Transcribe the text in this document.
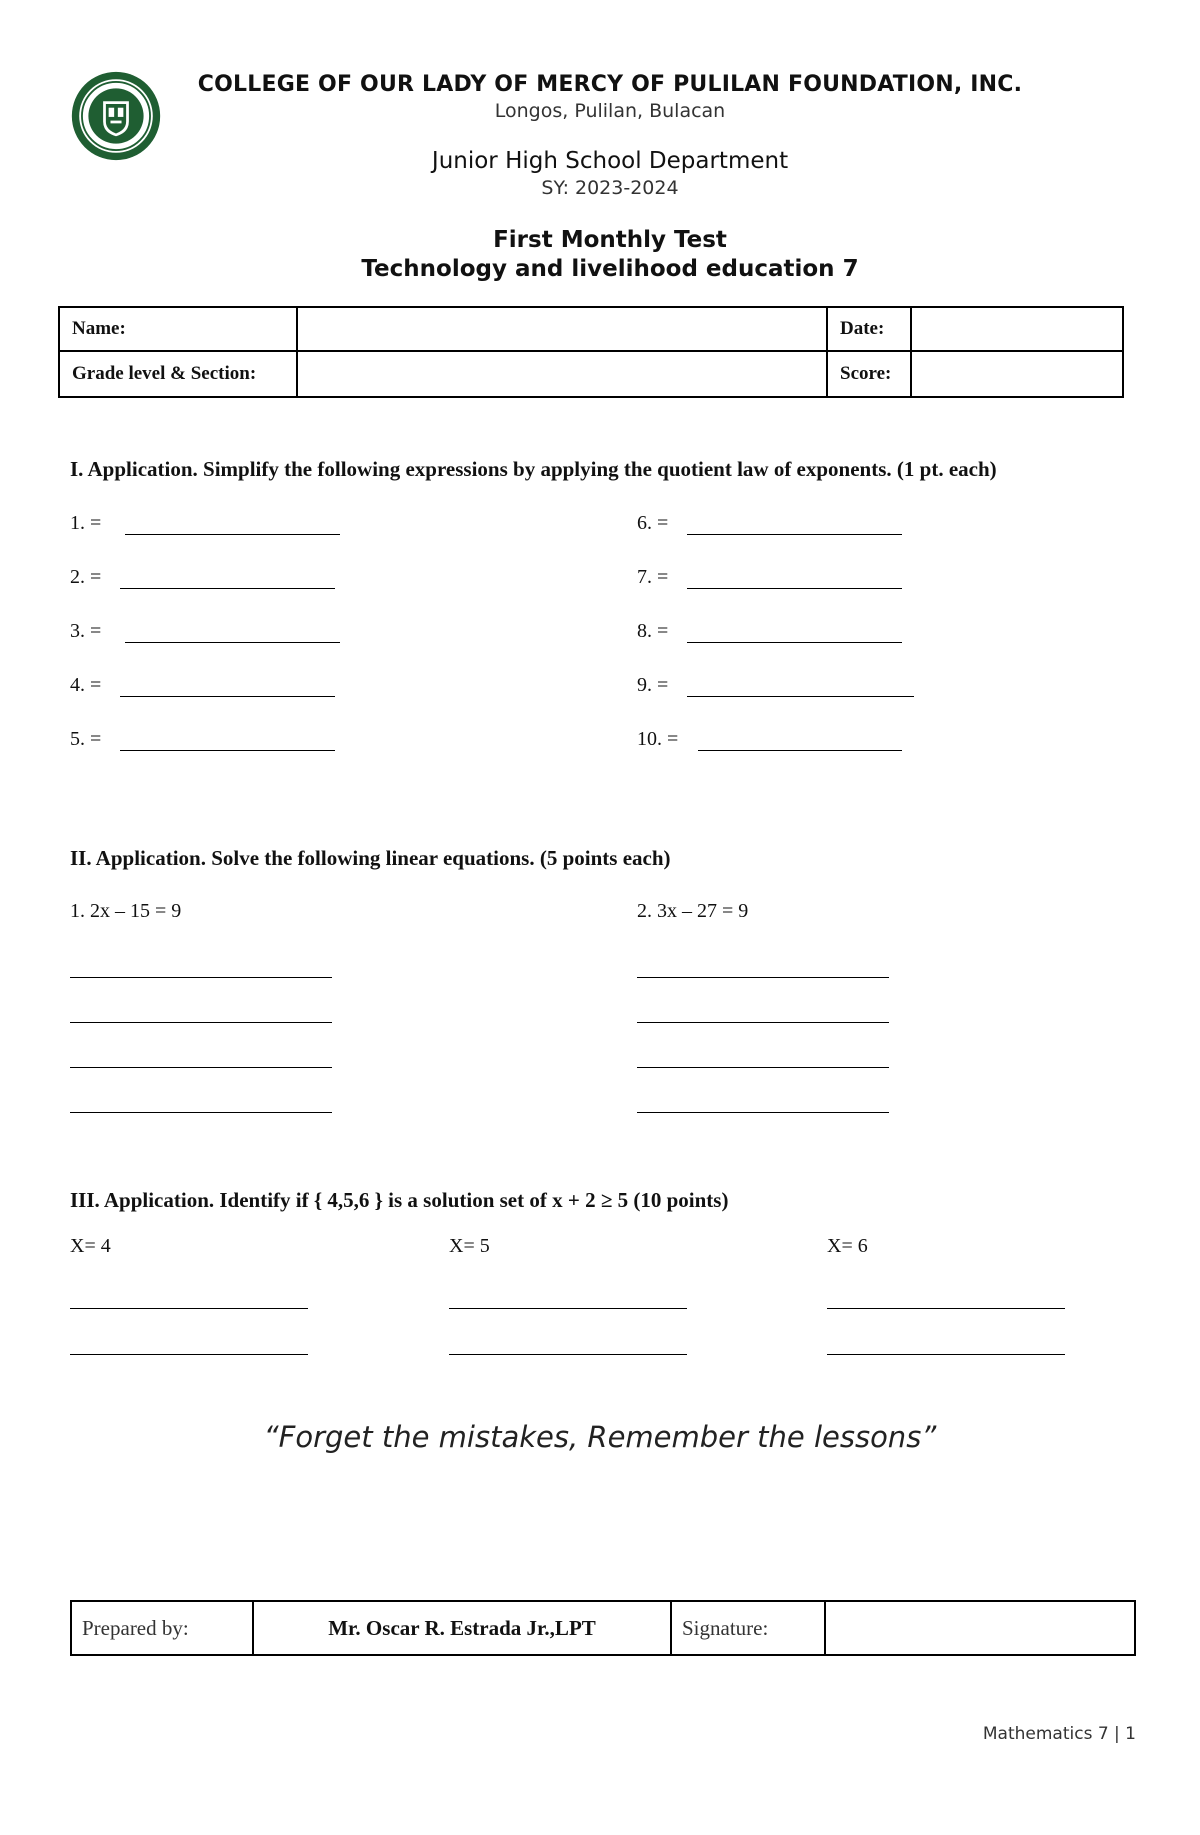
COLLEGE OF OUR LADY OF MERCY OF PULILAN FOUNDATION, INC.
Longos, Pulilan, Bulacan
Junior High School Department
SY: 2023-2024
First Monthly Test
Technology and livelihood education 7
Name:		Date:	
Grade level & Section:		Score:	
I. Application. Simplify the following expressions by applying the quotient law of exponents. (1 pt. each)
1. =
2. =
3. =
4. =
5. =
6. =
7. =
8. =
9. =
10. =
II. Application. Solve the following linear equations. (5 points each)
1. 2x – 15 = 9	2. 3x – 27 = 9
III. Application. Identify if { 4,5,6 } is a solution set of x + 2 ≥ 5 (10 points)
X= 4	X= 5	X= 6
“Forget the mistakes, Remember the lessons”
Prepared by:	Mr. Oscar R. Estrada Jr.,LPT	Signature:	
Mathematics 7 | 1
